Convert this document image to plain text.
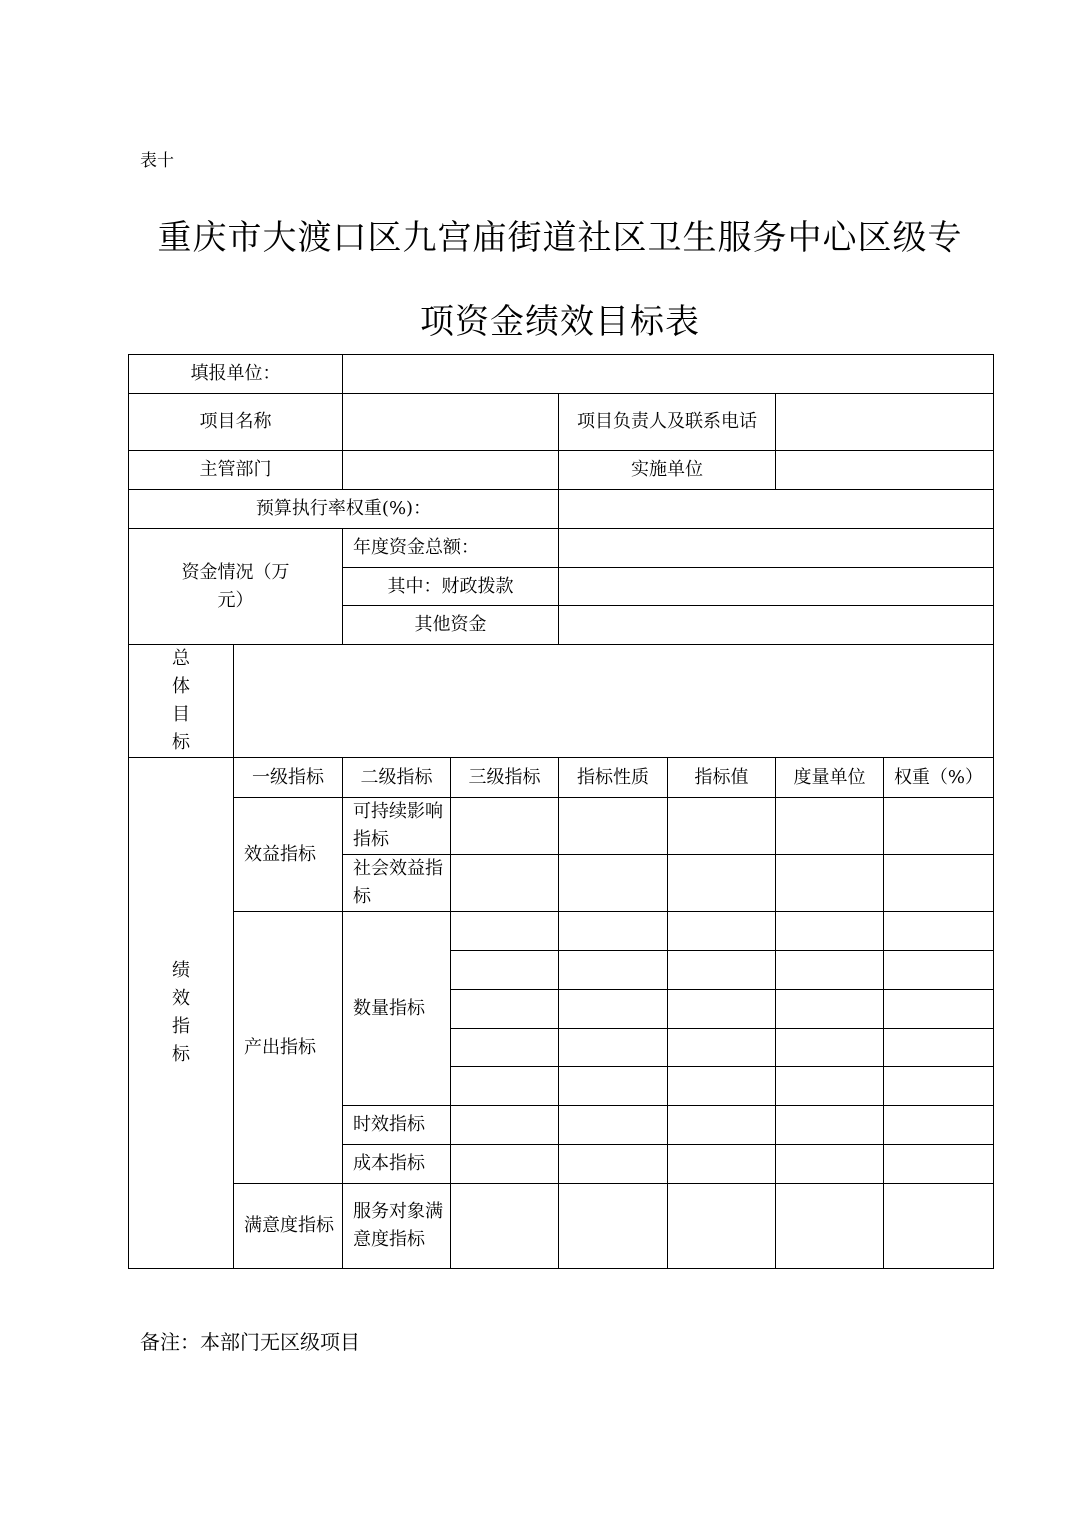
表十
重庆市大渡口区九宫庙街道社区卫生服务中心区级专
项资金绩效目标表
填报单位：							
项目名称				项目负责人及联系电话			
主管部门				实施单位			
预算执行率权重(%)：							
资金情况（万元）		年度资金总额：					
		其中：财政拨款					
		其他资金					
总体目标							
绩效指标	一级指标	二级指标	三级指标	指标性质	指标值	度量单位	权重（%）
	效益指标	可持续影响指标					
		社会效益指标					
	产出指标	数量指标					

		时效指标					
		成本指标					
	满意度指标	服务对象满意度指标					
备注：本部门无区级项目
